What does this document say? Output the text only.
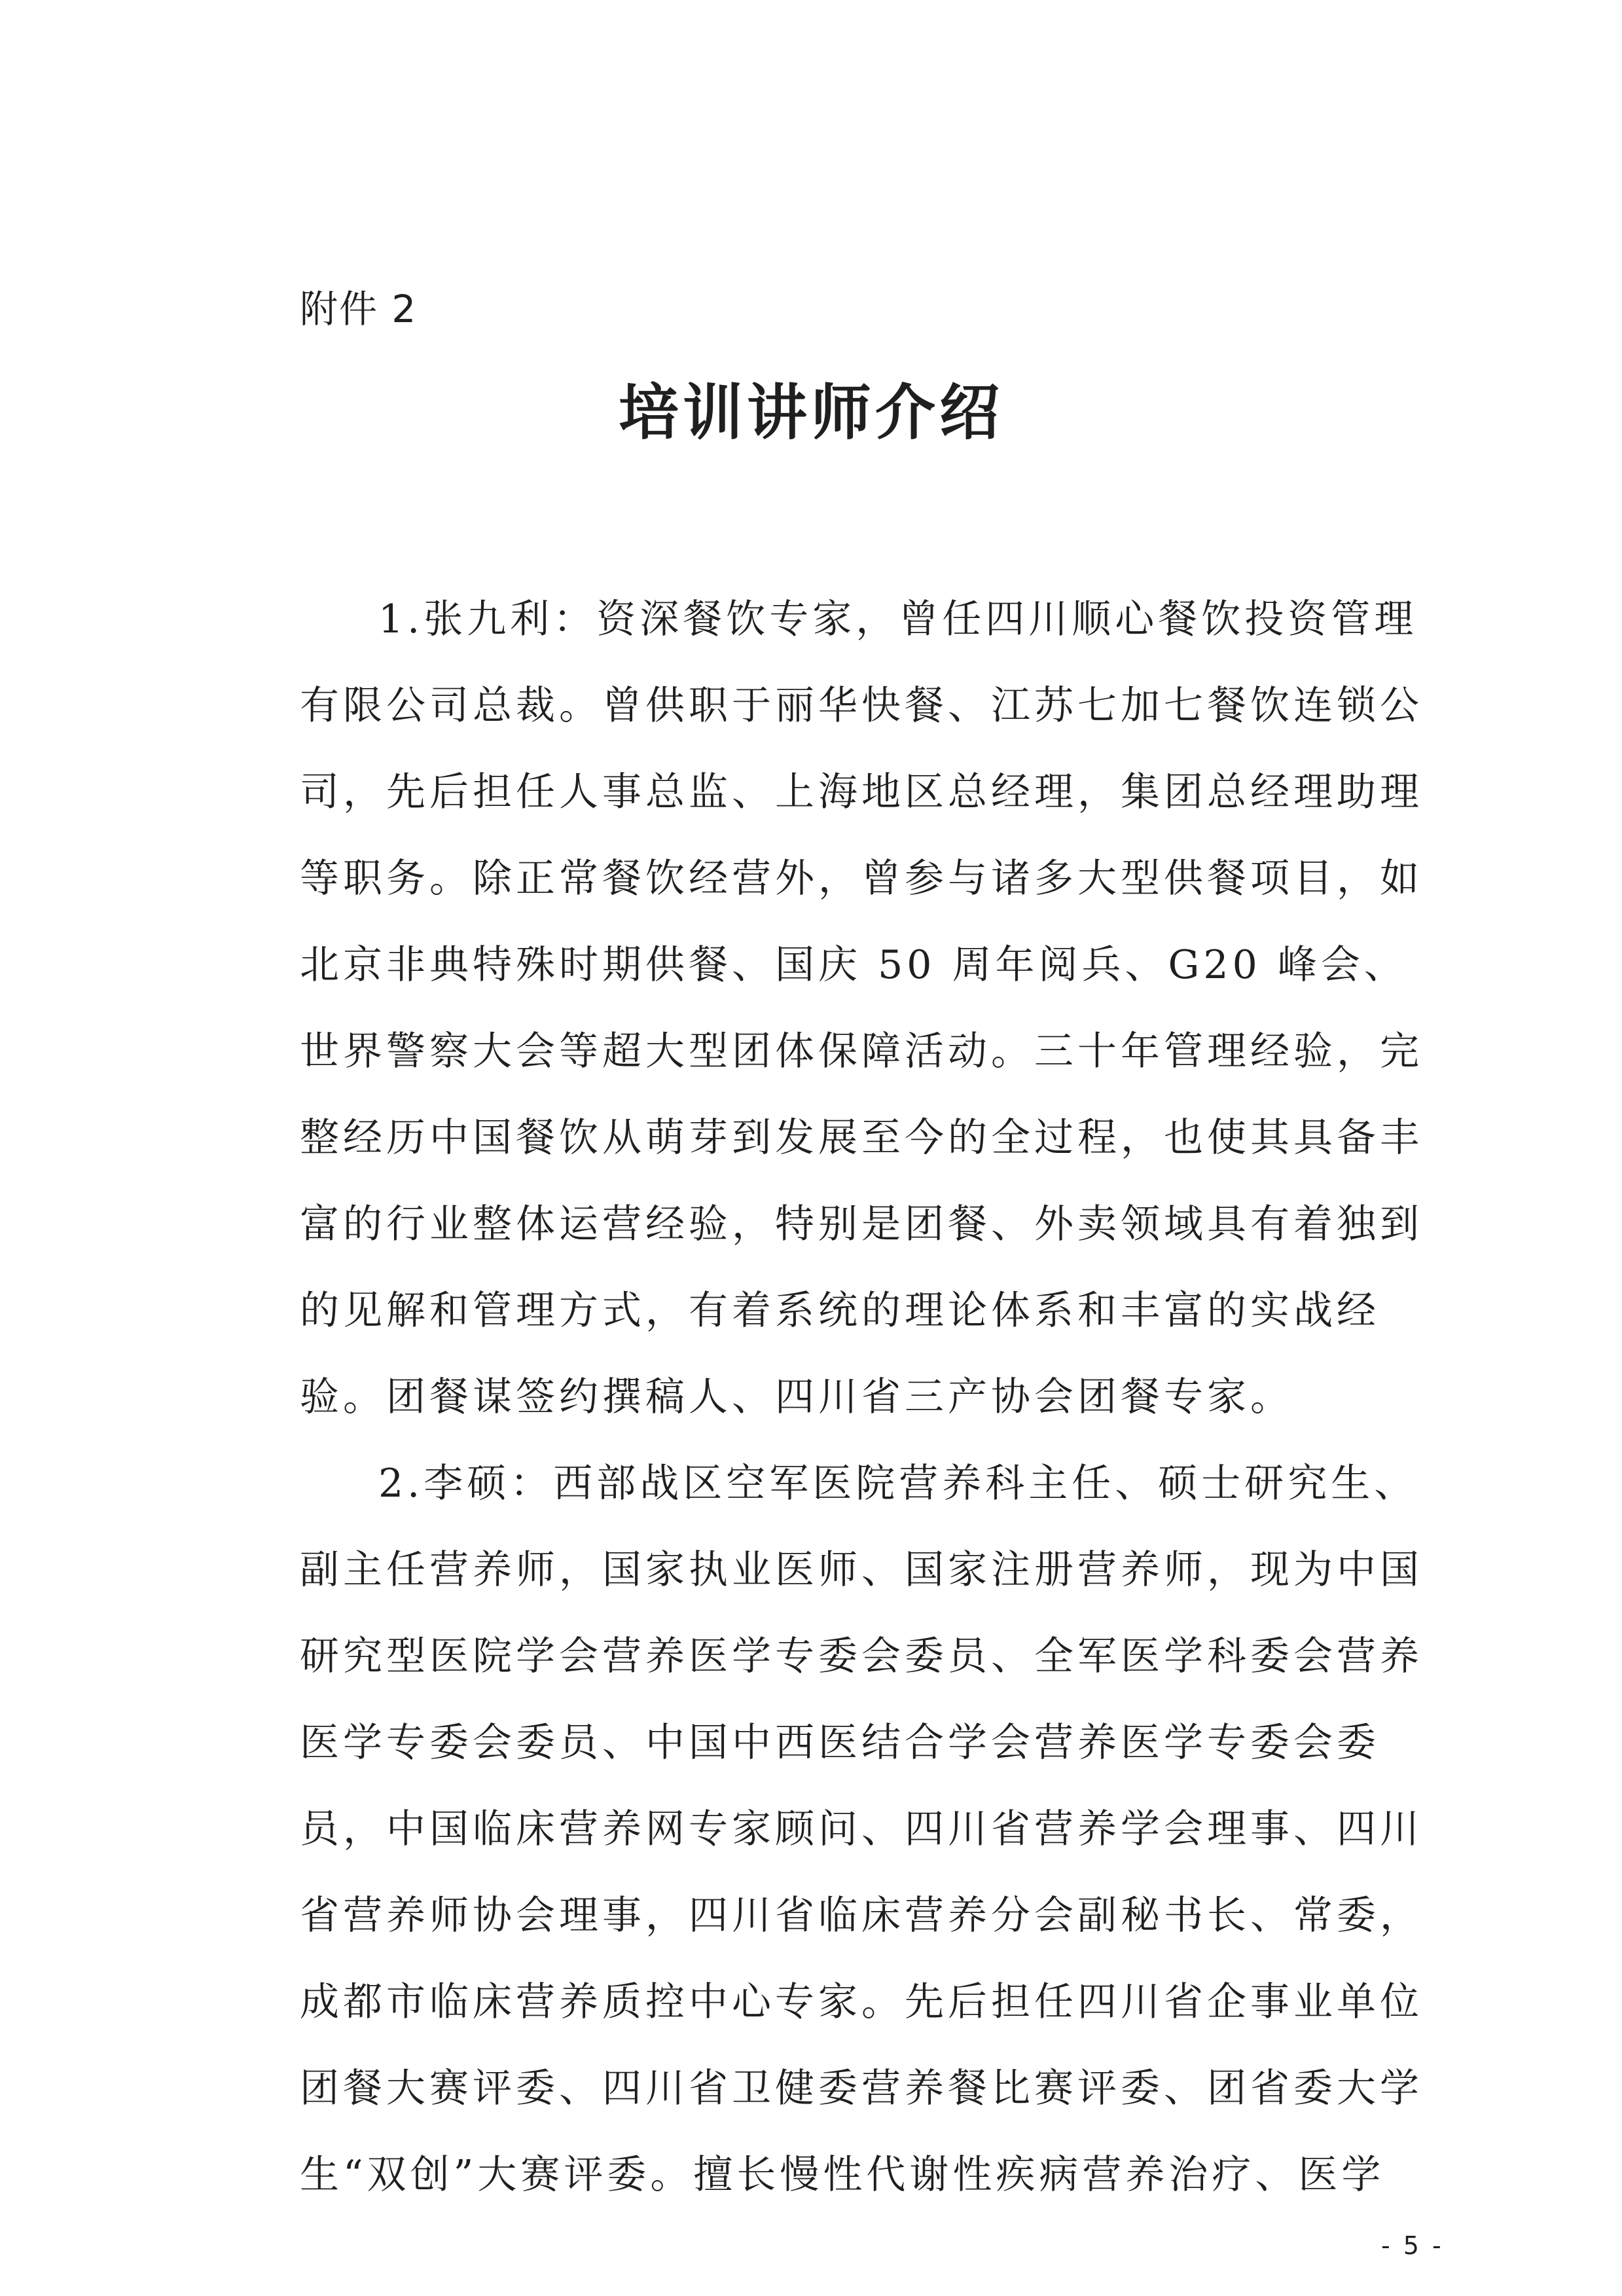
附件 2
培训讲师介绍

1.张九利：资深餐饮专家，曾任四川顺心餐饮投资管理有限公司总裁。曾供职于丽华快餐、江苏七加七餐饮连锁公司，先后担任人事总监、上海地区总经理，集团总经理助理等职务。除正常餐饮经营外，曾参与诸多大型供餐项目，如北京非典特殊时期供餐、国庆 50 周年阅兵、G20 峰会、世界警察大会等超大型团体保障活动。三十年管理经验，完整经历中国餐饮从萌芽到发展至今的全过程，也使其具备丰富的行业整体运营经验，特别是团餐、外卖领域具有着独到的见解和管理方式，有着系统的理论体系和丰富的实战经验。团餐谋签约撰稿人、四川省三产协会团餐专家。

2.李硕：西部战区空军医院营养科主任、硕士研究生、副主任营养师，国家执业医师、国家注册营养师，现为中国研究型医院学会营养医学专委会委员、全军医学科委会营养医学专委会委员、中国中西医结合学会营养医学专委会委员，中国临床营养网专家顾问、四川省营养学会理事、四川省营养师协会理事，四川省临床营养分会副秘书长、常委，成都市临床营养质控中心专家。先后担任四川省企事业单位团餐大赛评委、四川省卫健委营养餐比赛评委、团省委大学生“双创”大赛评委。擅长慢性代谢性疾病营养治疗、医学

- 5 -
